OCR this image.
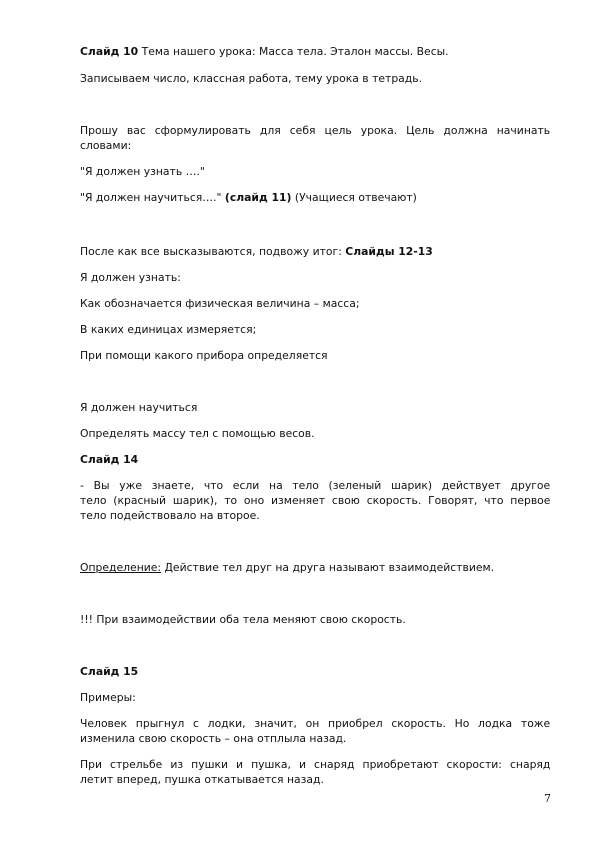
Слайд 10 Тема нашего урока: Масса тела. Эталон массы. Весы.
Записываем число, классная работа, тему урока в тетрадь.
Прошу вас сформулировать для себя цель урока. Цель должна начинать
словами:
"Я должен узнать …."
"Я должен научиться…." (слайд 11) (Учащиеся отвечают)
После как все высказываются, подвожу итог: Слайды 12-13
Я должен узнать:
Как обозначается физическая величина – масса;
В каких единицах измеряется;
При помощи какого прибора определяется
Я должен научиться
Определять массу тел с помощью весов.
Слайд 14
- Вы уже знаете, что если на тело (зеленый шарик) действует другое
тело (красный шарик), то оно изменяет свою скорость. Говорят, что первое
тело подействовало на второе.
Определение: Действие тел друг на друга называют взаимодействием.
!!! При взаимодействии оба тела меняют свою скорость.
Слайд 15
Примеры:
Человек прыгнул с лодки, значит, он приобрел скорость. Но лодка тоже
изменила свою скорость – она отплыла назад.
При стрельбе из пушки и пушка, и снаряд приобретают скорости: снаряд
летит вперед, пушка откатывается назад.
7
